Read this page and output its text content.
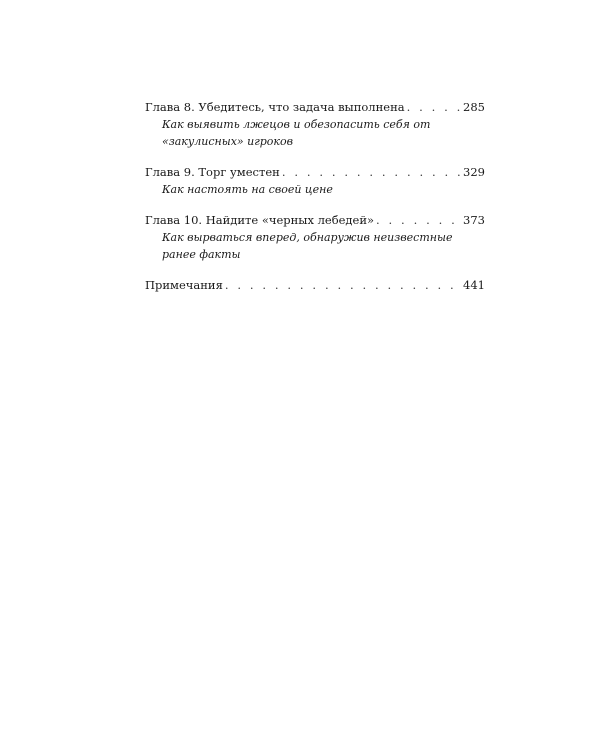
Глава 8. Убедитесь, что задача выполнена . . .	285
Как выявить лжецов и обезопасить себя от «закулисных» игроков
Глава 9. Торг уместен . . .	329
Как настоять на своей цене
Глава 10. Найдите «черных лебедей» . . .	373
Как вырваться вперед, обнаружив неизвестные ранее факты
Примечания . . .	441
